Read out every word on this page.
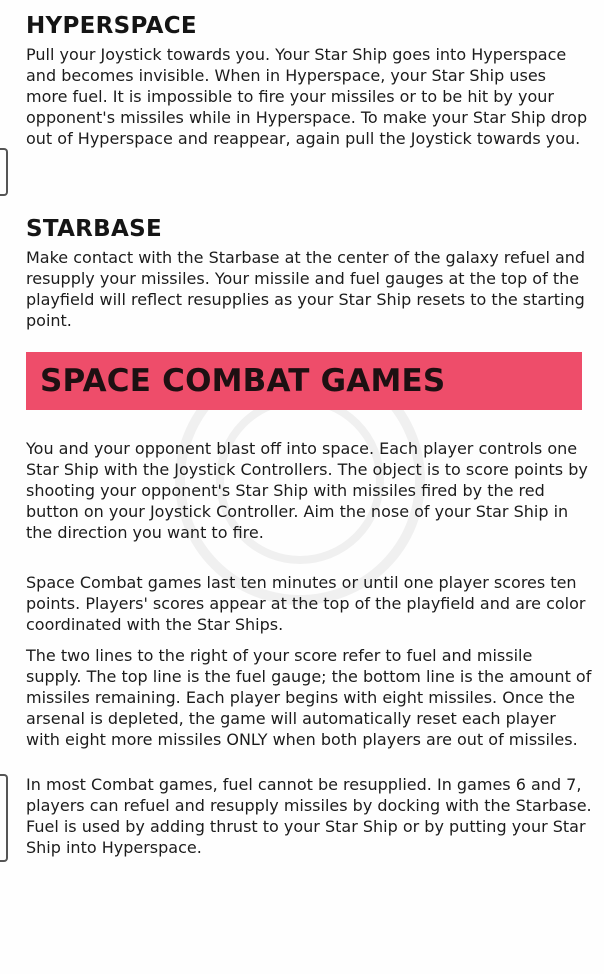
HYPERSPACE

Pull your Joystick towards you. Your Star Ship goes into Hyperspace and becomes invisible. When in Hyperspace, your Star Ship uses more fuel. It is impossible to fire your missiles or to be hit by your opponent's missiles while in Hyperspace. To make your Star Ship drop out of Hyperspace and reappear, again pull the Joystick towards you.

STARBASE

Make contact with the Starbase at the center of the galaxy refuel and resupply your missiles. Your missile and fuel gauges at the top of the playfield will reflect resupplies as your Star Ship resets to the starting point.

SPACE COMBAT GAMES

You and your opponent blast off into space. Each player controls one Star Ship with the Joystick Controllers. The object is to score points by shooting your opponent's Star Ship with missiles fired by the red button on your Joystick Controller. Aim the nose of your Star Ship in the direction you want to fire.

Space Combat games last ten minutes or until one player scores ten points. Players' scores appear at the top of the playfield and are color coordinated with the Star Ships.

The two lines to the right of your score refer to fuel and missile supply. The top line is the fuel gauge; the bottom line is the amount of missiles remaining. Each player begins with eight missiles. Once the arsenal is depleted, the game will automatically reset each player with eight more missiles ONLY when both players are out of missiles.

In most Combat games, fuel cannot be resupplied. In games 6 and 7, players can refuel and resupply missiles by docking with the Starbase. Fuel is used by adding thrust to your Star Ship or by putting your Star Ship into Hyperspace.
